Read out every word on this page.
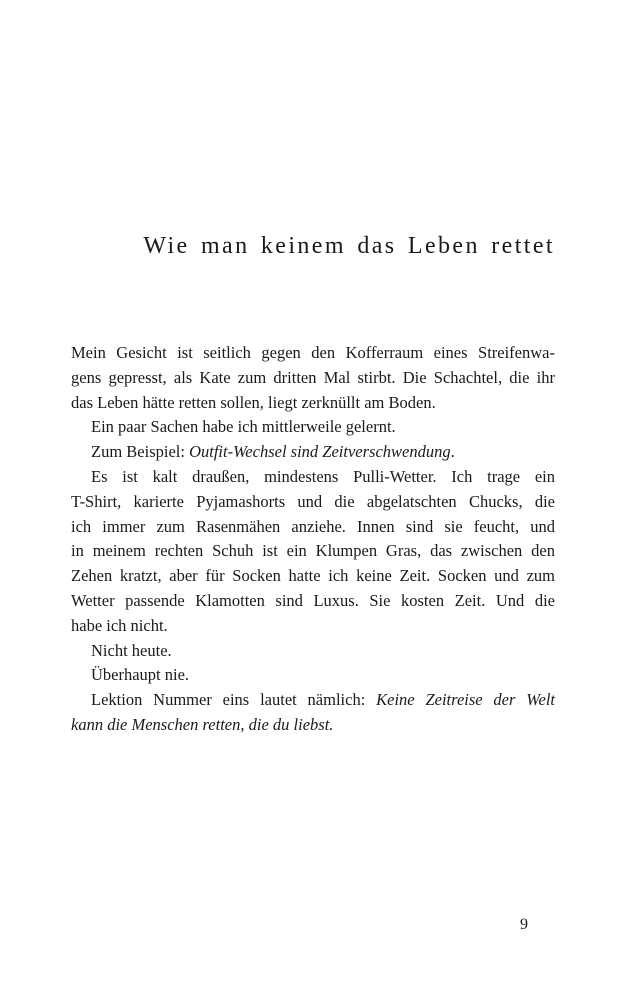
Wie man keinem das Leben rettet
Mein Gesicht ist seitlich gegen den Kofferraum eines Streifenwa-
gens gepresst, als Kate zum dritten Mal stirbt. Die Schachtel, die ihr
das Leben hätte retten sollen, liegt zerknüllt am Boden.
Ein paar Sachen habe ich mittlerweile gelernt.
Zum Beispiel: Outfit-Wechsel sind Zeitverschwendung.
Es ist kalt draußen, mindestens Pulli-Wetter. Ich trage ein
T-Shirt, karierte Pyjamashorts und die abgelatschten Chucks, die
ich immer zum Rasenmähen anziehe. Innen sind sie feucht, und
in meinem rechten Schuh ist ein Klumpen Gras, das zwischen den
Zehen kratzt, aber für Socken hatte ich keine Zeit. Socken und zum
Wetter passende Klamotten sind Luxus. Sie kosten Zeit. Und die
habe ich nicht.
Nicht heute.
Überhaupt nie.
Lektion Nummer eins lautet nämlich: Keine Zeitreise der Welt
kann die Menschen retten, die du liebst.
9
